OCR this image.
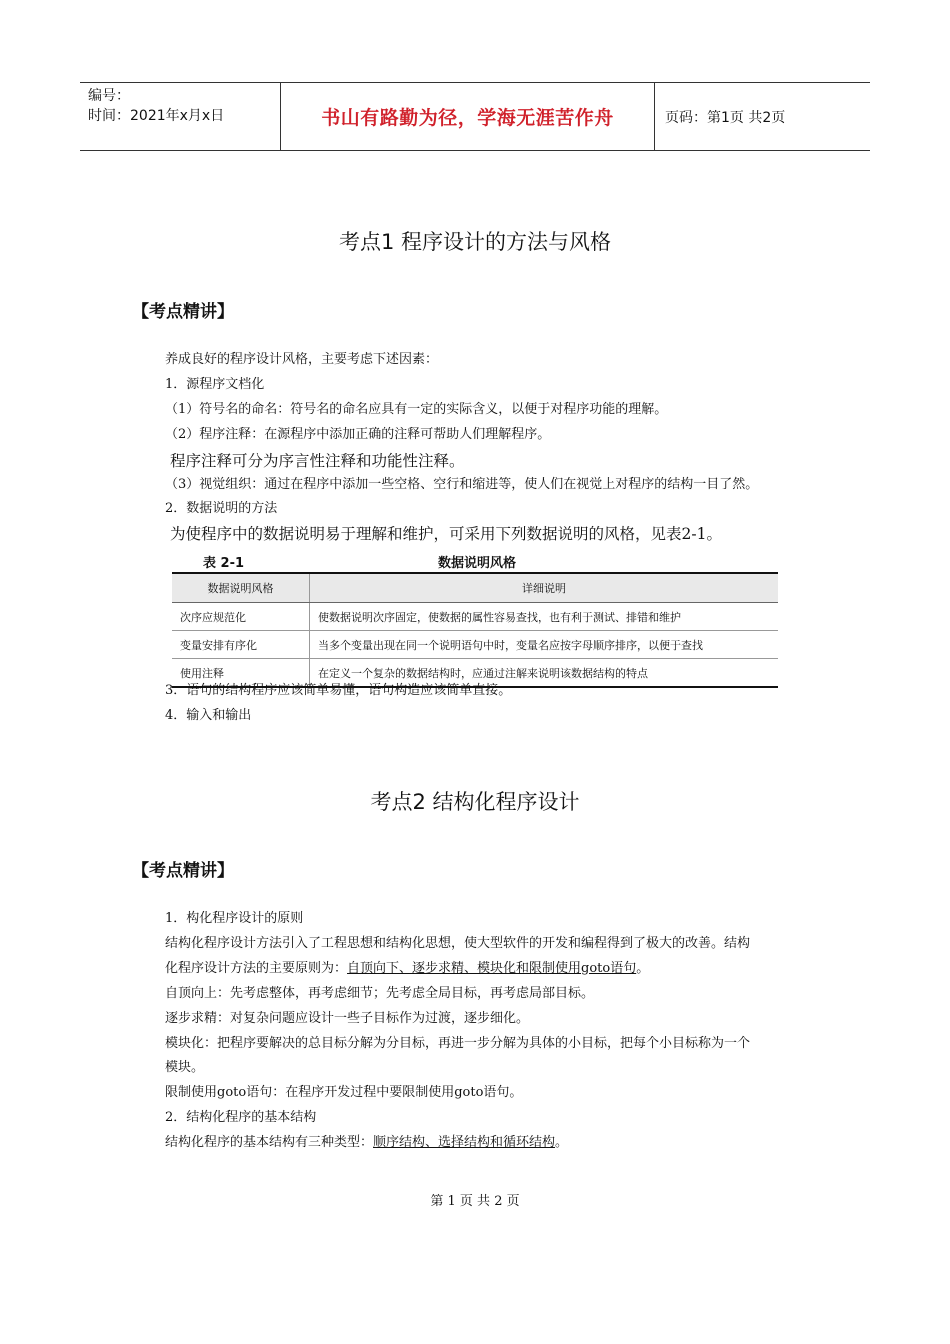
编号：
时间：2021年x月x日	书山有路勤为径，学海无涯苦作舟	页码：第1页 共2页
考点1 程序设计的方法与风格
【考点精讲】
养成良好的程序设计风格，主要考虑下述因素：
1．源程序文档化
（1）符号名的命名：符号名的命名应具有一定的实际含义，以便于对程序功能的理解。
（2）程序注释：在源程序中添加正确的注释可帮助人们理解程序。
程序注释可分为序言性注释和功能性注释。
（3）视觉组织：通过在程序中添加一些空格、空行和缩进等，使人们在视觉上对程序的结构一目了然。
2．数据说明的方法
为使程序中的数据说明易于理解和维护，可采用下列数据说明的风格，见表2-1。
表 2-1	数据说明风格
数据说明风格	详细说明
次序应规范化	使数据说明次序固定，使数据的属性容易查找，也有利于测试、排错和维护
变量安排有序化	当多个变量出现在同一个说明语句中时，变量名应按字母顺序排序，以便于查找
使用注释	在定义一个复杂的数据结构时，应通过注解来说明该数据结构的特点
3．语句的结构程序应该简单易懂，语句构造应该简单直接。
4．输入和输出
考点2 结构化程序设计
【考点精讲】
1．构化程序设计的原则
结构化程序设计方法引入了工程思想和结构化思想，使大型软件的开发和编程得到了极大的改善。结构
化程序设计方法的主要原则为：自顶向下、逐步求精、模块化和限制使用goto语句。
自顶向上：先考虑整体，再考虑细节；先考虑全局目标，再考虑局部目标。
逐步求精：对复杂问题应设计一些子目标作为过渡，逐步细化。
模块化：把程序要解决的总目标分解为分目标，再进一步分解为具体的小目标，把每个小目标称为一个
模块。
限制使用goto语句：在程序开发过程中要限制使用goto语句。
2．结构化程序的基本结构
结构化程序的基本结构有三种类型：顺序结构、选择结构和循环结构。
第 1 页 共 2 页
